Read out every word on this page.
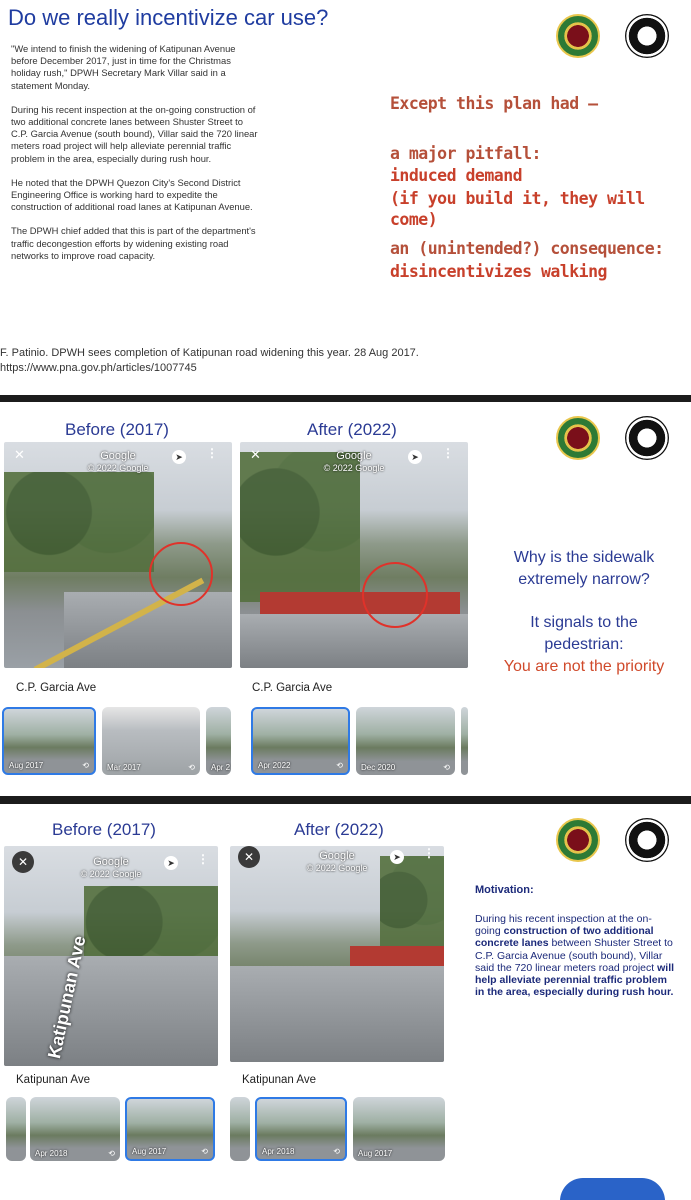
Do we really incentivize car use?

"We intend to finish the widening of Katipunan Avenue before December 2017, just in time for the Christmas holiday rush," DPWH Secretary Mark Villar said in a statement Monday.

During his recent inspection at the on-going construction of two additional concrete lanes between Shuster Street to C.P. Garcia Avenue (south bound), Villar said the 720 linear meters road project will help alleviate perennial traffic problem in the area, especially during rush hour.

He noted that the DPWH Quezon City's Second District Engineering Office is working hard to expedite the construction of additional road lanes at Katipunan Avenue.

The DPWH chief added that this is part of the department's traffic decongestion efforts by widening existing road networks to improve road capacity.

Except this plan had —
a major pitfall:
induced demand
(if you build it, they will come)
an (unintended?) consequence:
disincentivizes walking
F. Patinio. DPWH sees completion of Katipunan road widening this year. 28 Aug 2017.
https://www.pna.gov.ph/articles/1007745
Before (2017)	After (2022)
✕	Google
© 2022 Google
➤ ⋮ ✕	Google
© 2022 Google
➤ ⋮
C.P. Garcia Ave	C.P. Garcia Ave
Aug 2017	⟲ Mar 2017	⟲ Apr 2	Apr 2022	⟲ Dec 2020	⟲
Why is the sidewalk
extremely narrow?
It signals to the
pedestrian:
You are not the priority
Before (2017)	After (2022)
✕	Google
© 2022 Google
➤ ⋮
Katipunan Ave
✕	Google
© 2022 Google
➤ ⋮
Katipunan Ave	Katipunan Ave
Apr 2018	⟲ Aug 2017	⟲	Apr 2018	⟲ Aug 2017
Motivation:
During his recent inspection at the on-going construction of two additional concrete lanes between Shuster Street to C.P. Garcia Avenue (south bound), Villar said the 720 linear meters road project will help alleviate perennial traffic problem in the area, especially during rush hour.
